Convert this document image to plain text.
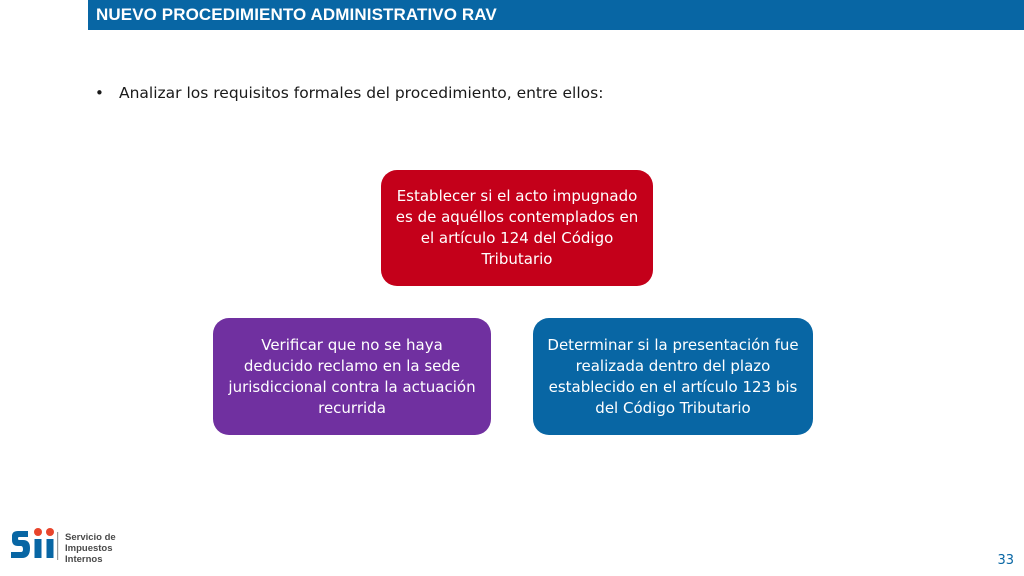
NUEVO PROCEDIMIENTO ADMINISTRATIVO RAV
• Analizar los requisitos formales del procedimiento, entre ellos:
Establecer si el acto impugnado es de aquéllos contemplados en el artículo 124 del Código Tributario
Verificar que no se haya deducido reclamo en la sede jurisdiccional contra la actuación recurrida
Determinar si la presentación fue realizada dentro del plazo establecido en el artículo 123 bis del Código Tributario
Servicio de
Impuestos
Internos	33
